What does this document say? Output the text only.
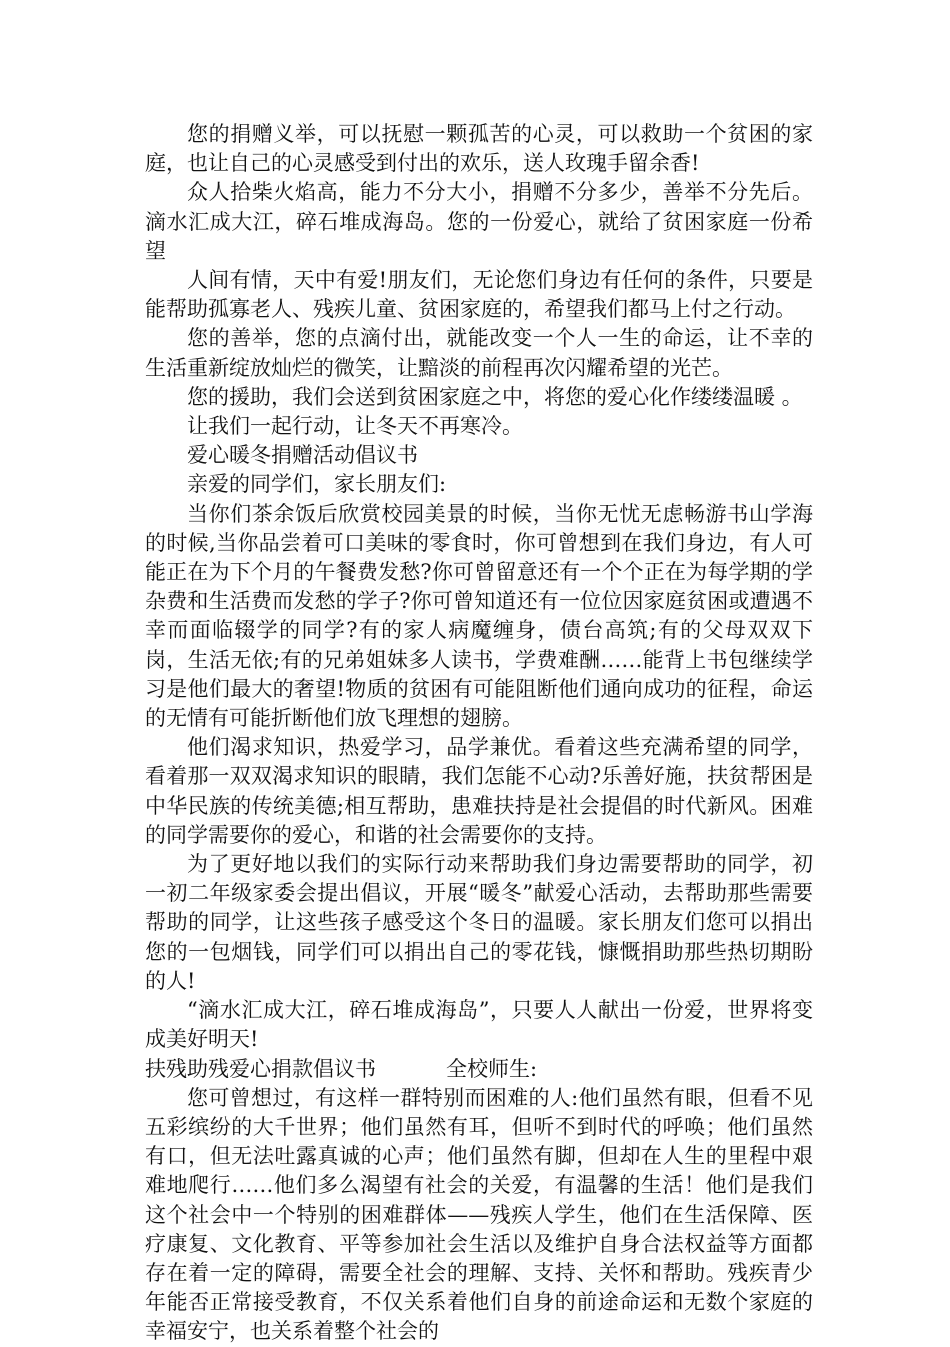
您的捐赠义举，可以抚慰一颗孤苦的心灵，可以救助一个贫困的家庭，也让自己的心灵感受到付出的欢乐，送人玫瑰手留余香!

众人拾柴火焰高，能力不分大小，捐赠不分多少，善举不分先后。滴水汇成大江，碎石堆成海岛。您的一份爱心，就给了贫困家庭一份希望

人间有情，天中有爱!朋友们，无论您们身边有任何的条件，只要是能帮助孤寡老人、残疾儿童、贫困家庭的，希望我们都马上付之行动。

您的善举，您的点滴付出，就能改变一个人一生的命运，让不幸的生活重新绽放灿烂的微笑，让黯淡的前程再次闪耀希望的光芒。

您的援助，我们会送到贫困家庭之中，将您的爱心化作缕缕温暖 。

让我们一起行动，让冬天不再寒冷。

爱心暖冬捐赠活动倡议书

亲爱的同学们，家长朋友们:

当你们茶余饭后欣赏校园美景的时候，当你无忧无虑畅游书山学海的时候,当你品尝着可口美味的零食时，你可曾想到在我们身边，有人可能正在为下个月的午餐费发愁?你可曾留意还有一个个正在为每学期的学杂费和生活费而发愁的学子?你可曾知道还有一位位因家庭贫困或遭遇不幸而面临辍学的同学?有的家人病魔缠身，债台高筑;有的父母双双下岗，生活无依;有的兄弟姐妹多人读书，学费难酬……能背上书包继续学习是他们最大的奢望!物质的贫困有可能阻断他们通向成功的征程，命运的无情有可能折断他们放飞理想的翅膀。

他们渴求知识，热爱学习，品学兼优。看着这些充满希望的同学，看着那一双双渴求知识的眼睛，我们怎能不心动?乐善好施，扶贫帮困是中华民族的传统美德;相互帮助，患难扶持是社会提倡的时代新风。困难的同学需要你的爱心，和谐的社会需要你的支持。

为了更好地以我们的实际行动来帮助我们身边需要帮助的同学，初一初二年级家委会提出倡议，开展“暖冬”献爱心活动，去帮助那些需要帮助的同学，让这些孩子感受这个冬日的温暖。家长朋友们您可以捐出您的一包烟钱，同学们可以捐出自己的零花钱，慷慨捐助那些热切期盼的人!

“滴水汇成大江，碎石堆成海岛”，只要人人献出一份爱，世界将变成美好明天!

扶残助残爱心捐款倡议书	全校师生:

您可曾想过，有这样一群特别而困难的人:他们虽然有眼，但看不见五彩缤纷的大千世界；他们虽然有耳，但听不到时代的呼唤；他们虽然有口，但无法吐露真诚的心声；他们虽然有脚，但却在人生的里程中艰难地爬行……他们多么渴望有社会的关爱，有温馨的生活！他们是我们这个社会中一个特别的困难群体——残疾人学生，他们在生活保障、医疗康复、文化教育、平等参加社会生活以及维护自身合法权益等方面都存在着一定的障碍，需要全社会的理解、支持、关怀和帮助。残疾青少年能否正常接受教育，不仅关系着他们自身的前途命运和无数个家庭的幸福安宁，也关系着整个社会的
